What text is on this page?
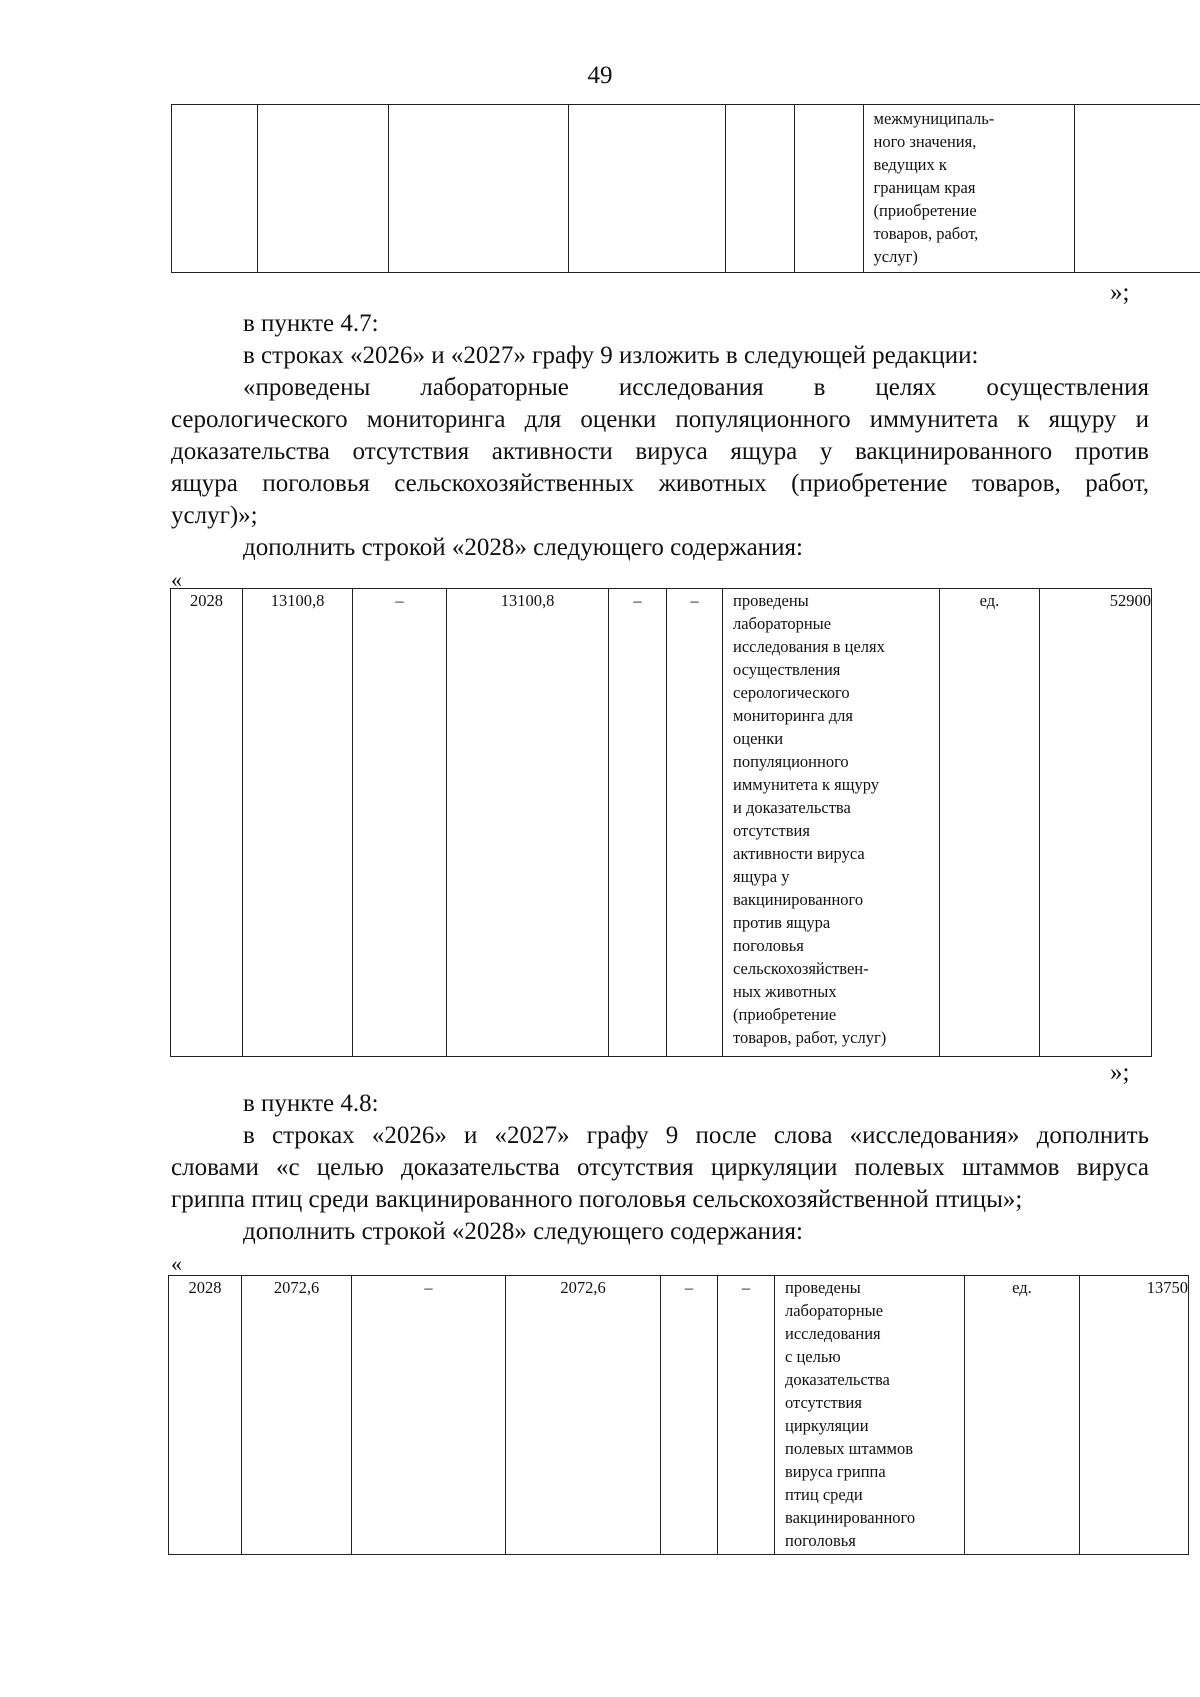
49

межмуниципаль-
ного значения,
ведущих к
границам края
(приобретение
товаров, работ,
услуг)

»;
в пункте 4.7:
в строках «2026» и «2027» графу 9 изложить в следующей редакции:
«проведены лабораторные исследования в целях осуществления
серологического мониторинга для оценки популяционного иммунитета к ящуру и
доказательства отсутствия активности вируса ящура у вакцинированного против
ящура поголовья сельскохозяйственных животных (приобретение товаров, работ,
услуг)»;
дополнить строкой «2028» следующего содержания:
«
2028	13100,8	–	13100,8	–	–	проведены
лабораторные
исследования в целях
осуществления
серологического
мониторинга для
оценки
популяционного
иммунитета к ящуру
и доказательства
отсутствия
активности вируса
ящура у
вакцинированного
против ящура
поголовья
сельскохозяйствен-
ных животных
(приобретение
товаров, работ, услуг)
	ед.	52900
»;
в пункте 4.8:
в строках «2026» и «2027» графу 9 после слова «исследования» дополнить
словами «с целью доказательства отсутствия циркуляции полевых штаммов вируса
гриппа птиц среди вакцинированного поголовья сельскохозяйственной птицы»;
дополнить строкой «2028» следующего содержания:
«
2028	2072,6	–	2072,6	–	–	проведены
лабораторные
исследования
с целью
доказательства
отсутствия
циркуляции
полевых штаммов
вируса гриппа
птиц среди
вакцинированного
поголовья
	ед.	13750
